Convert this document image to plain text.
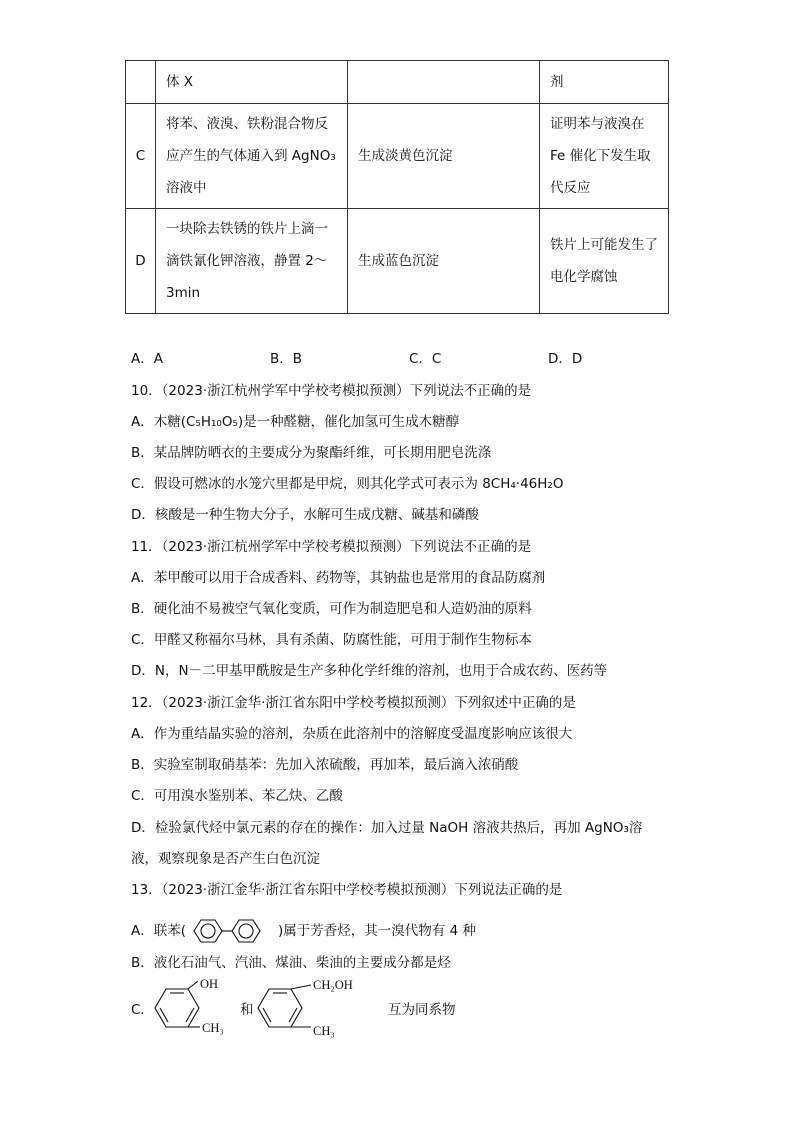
	体 X		剂
C	将苯、液溴、铁粉混合物反应产生的气体通入到 AgNO₃溶液中	生成淡黄色沉淀	证明苯与液溴在 Fe 催化下发生取代反应
D	一块除去铁锈的铁片上滴一滴铁氰化钾溶液，静置 2～3min	生成蓝色沉淀	铁片上可能发生了电化学腐蚀
A．A	B．B	C．C	D．D
10．（2023·浙江杭州学军中学校考模拟预测）下列说法不正确的是
A．木糖(C₅H₁₀O₅)是一种醛糖，催化加氢可生成木糖醇
B．某品牌防晒衣的主要成分为聚酯纤维，可长期用肥皂洗涤
C．假设可燃冰的水笼穴里都是甲烷，则其化学式可表示为 8CH₄·46H₂O
D．核酸是一种生物大分子，水解可生成戊糖、碱基和磷酸
11．（2023·浙江杭州学军中学校考模拟预测）下列说法不正确的是
A．苯甲酸可以用于合成香料、药物等，其钠盐也是常用的食品防腐剂
B．硬化油不易被空气氧化变质，可作为制造肥皂和人造奶油的原料
C．甲醛又称福尔马林，具有杀菌、防腐性能，可用于制作生物标本
D．N，N－二甲基甲酰胺是生产多种化学纤维的溶剂，也用于合成农药、医药等
12．（2023·浙江金华·浙江省东阳中学校考模拟预测）下列叙述中正确的是
A．作为重结晶实验的溶剂，杂质在此溶剂中的溶解度受温度影响应该很大
B．实验室制取硝基苯：先加入浓硫酸，再加苯，最后滴入浓硝酸
C．可用溴水鉴别苯、苯乙炔、乙酸
D．检验氯代烃中氯元素的存在的操作：加入过量 NaOH 溶液共热后，再加 AgNO₃溶
液，观察现象是否产生白色沉淀
13．（2023·浙江金华·浙江省东阳中学校考模拟预测）下列说法正确的是
A．联苯(	)属于芳香烃，其一溴代物有 4 种
B．液化石油气、汽油、煤油、柴油的主要成分都是烃
C．
OH
CH₃
和
CH₂OH
CH₃
互为同系物
